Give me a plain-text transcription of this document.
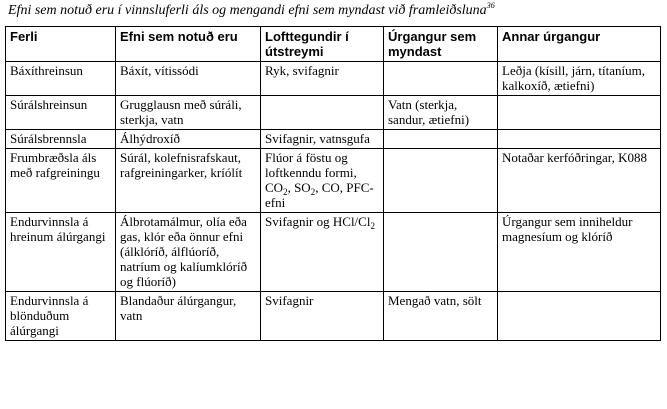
Efni sem notuð eru í vinnsluferli áls og mengandi efni sem myndast við framleiðsluna$^{36}$
Ferli	Efni sem notuð eru	Lofttegundir í útstreymi	Úrgangur sem myndast	Annar úrgangur
Báxíthreinsun	Báxít, vítissódi	Ryk, svifagnir		Leðja (kísill, járn, títaníum, kalkoxíð, ætiefni)
Súrálshreinsun	Grugglausn með súráli, sterkja, vatn		Vatn (sterkja, sandur, ætiefni)	
Súrálsbrennsla	Álhýdroxíð	Svifagnir, vatnsgufa		
Frumbræðsla áls með rafgreiningu	Súrál, kolefnisrafskaut, rafgreiningarker, kríólít	Flúor á föstu og loftkenndu formi, $CO_2$, $SO_2$, CO, PFC-efni		Notaðar kerfóðringar, K088
Endurvinnsla á hreinum álúrgangi	Álbrotamálmur, olía eða gas, klór eða önnur efni (álklóríð, álflúoríð, natríum og kalíumklóríð og flúoríð)	Svifagnir og HCl/$Cl_2$		Úrgangur sem inniheldur magnesíum og klóríð
Endurvinnsla á blönduðum álúrgangi	Blandaður álúrgangur, vatn	Svifagnir	Mengað vatn, sölt	
